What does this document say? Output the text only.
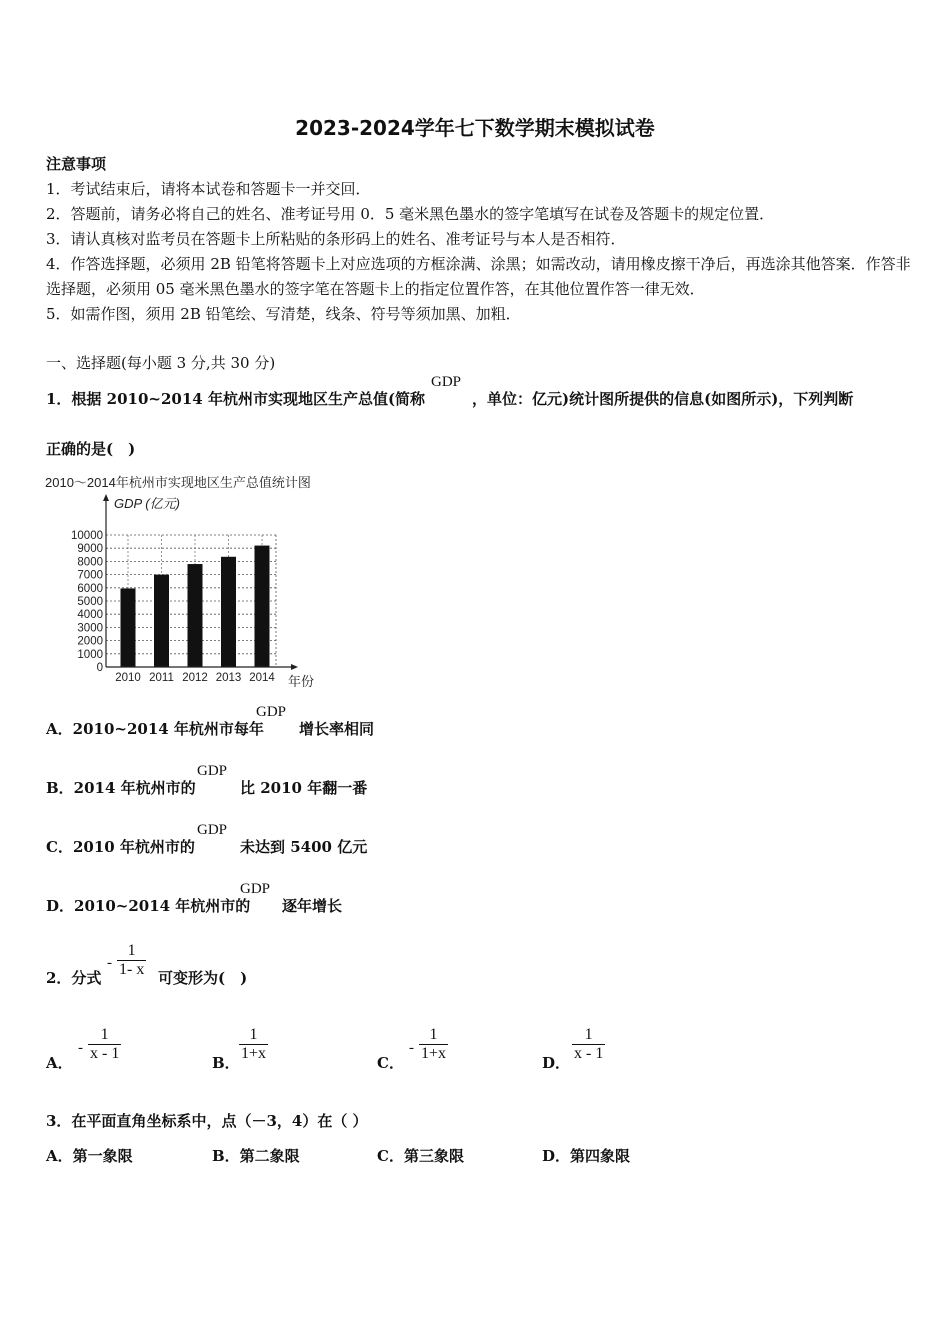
2023-2024学年七下数学期末模拟试卷
注意事项
1．考试结束后，请将本试卷和答题卡一并交回．
2．答题前，请务必将自己的姓名、准考证号用 0．5 毫米黑色墨水的签字笔填写在试卷及答题卡的规定位置．
3．请认真核对监考员在答题卡上所粘贴的条形码上的姓名、准考证号与本人是否相符．
4．作答选择题，必须用 2B 铅笔将答题卡上对应选项的方框涂满、涂黑；如需改动，请用橡皮擦干净后，再选涂其他答案．作答非选择题，必须用 05 毫米黑色墨水的签字笔在答题卡上的指定位置作答，在其他位置作答一律无效．
5．如需作图，须用 2B 铅笔绘、写清楚，线条、符号等须加黑、加粗．
一、选择题(每小题 3 分,共 30 分)
1．根据 2010~2014 年杭州市实现地区生产总值(简称
GDP
，单位：亿元)统计图所提供的信息(如图所示)，下列判断
正确的是(　)
2010～2014年杭州市实现地区生产总值统计图
GDP (亿元)
年份
0
1000
2000
3000
4000
5000
6000
7000
8000
9000
10000
2010 2011 2012 2013 2014
A．2010~2014 年杭州市每年
GDP
增长率相同
B．2014 年杭州市的
GDP
比 2010 年翻一番
C．2010 年杭州市的
GDP
未达到 5400 亿元
D．2010~2014 年杭州市的
GDP
逐年增长
2．分式
- $\frac{1}{1- x}$ 可变形为(　)
A．
- $\frac{1}{x - 1}$	B． $\frac{1}{1+x}$	C．
- $\frac{1}{1+x}$	D． $\frac{1}{x - 1}$
3．在平面直角坐标系中，点（－3，4）在（ ）
A．第一象限	B．第二象限	C．第三象限	D．第四象限
